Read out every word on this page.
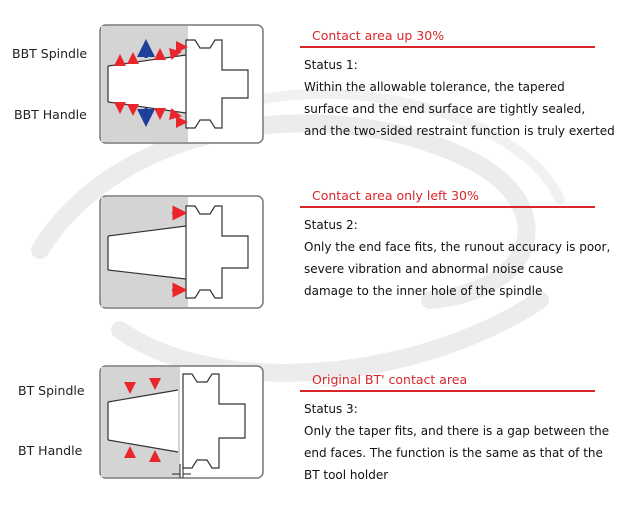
BBT Spindle
BBT Handle
BT Spindle
BT Handle
Contact area up 30%
Status 1:
Within the allowable tolerance, the tapered
surface and the end surface are tightly sealed,
and the two-sided restraint function is truly exerted
Contact area only left 30%
Status 2:
Only the end face fits, the runout accuracy is poor,
severe vibration and abnormal noise cause
damage to the inner hole of the spindle
Original BT' contact area
Status 3:
Only the taper fits, and there is a gap between the
end faces. The function is the same as that of the
BT tool holder
